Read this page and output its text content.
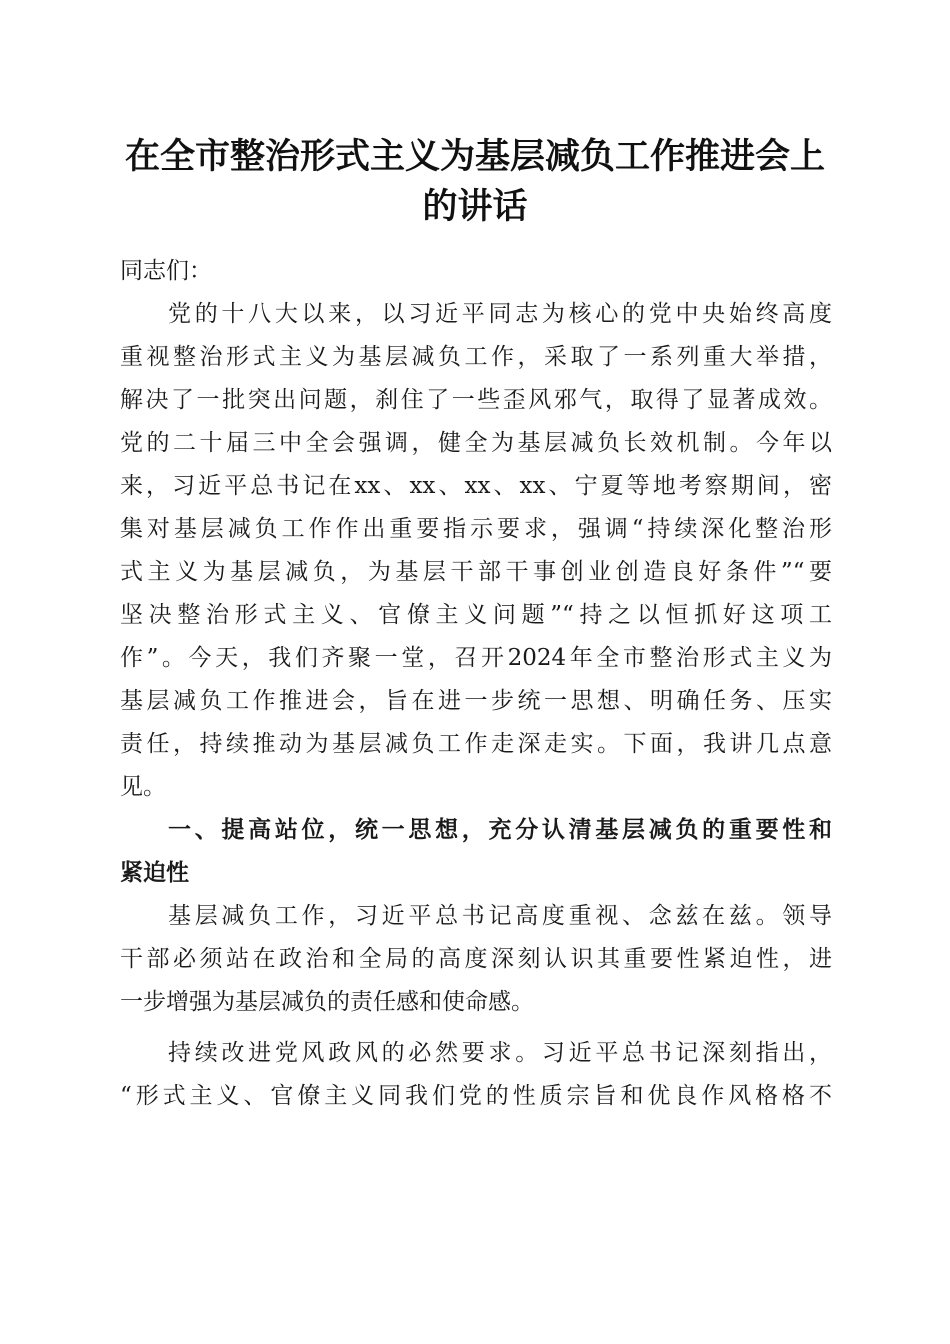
在全市整治形式主义为基层减负工作推进会上
的讲话
同志们：
党的十八大以来，以习近平同志为核心的党中央始终高度
重视整治形式主义为基层减负工作，采取了一系列重大举措，
解决了一批突出问题，刹住了一些歪风邪气，取得了显著成效。
党的二十届三中全会强调，健全为基层减负长效机制。今年以
来，习近平总书记在xx、xx、xx、xx、宁夏等地考察期间，密
集对基层减负工作作出重要指示要求，强调“持续深化整治形
式主义为基层减负，为基层干部干事创业创造良好条件”“要
坚决整治形式主义、官僚主义问题”“持之以恒抓好这项工
作”。今天，我们齐聚一堂，召开2024年全市整治形式主义为
基层减负工作推进会，旨在进一步统一思想、明确任务、压实
责任，持续推动为基层减负工作走深走实。下面，我讲几点意
见。
一、提高站位，统一思想，充分认清基层减负的重要性和
紧迫性
基层减负工作，习近平总书记高度重视、念兹在兹。领导
干部必须站在政治和全局的高度深刻认识其重要性紧迫性，进
一步增强为基层减负的责任感和使命感。
持续改进党风政风的必然要求。习近平总书记深刻指出，
“形式主义、官僚主义同我们党的性质宗旨和优良作风格格不
